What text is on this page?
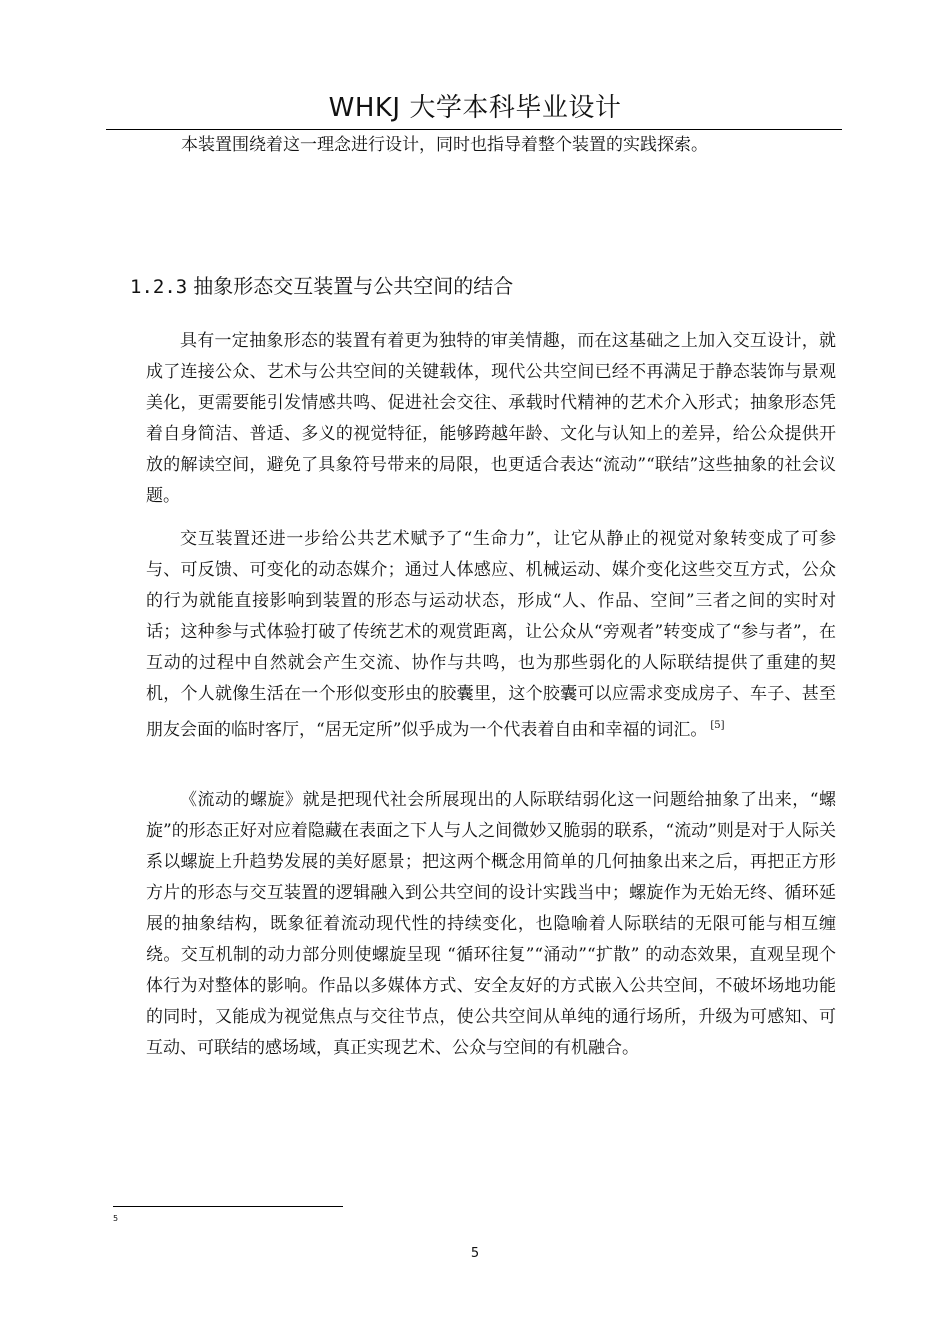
WHKJ 大学本科毕业设计
本装置围绕着这一理念进行设计，同时也指导着整个装置的实践探索。
1.2.3 抽象形态交互装置与公共空间的结合

具有一定抽象形态的装置有着更为独特的审美情趣，而在这基础之上加入交互设计，就成了连接公众、艺术与公共空间的关键载体，现代公共空间已经不再满足于静态装饰与景观美化，更需要能引发情感共鸣、促进社会交往、承载时代精神的艺术介入形式；抽象形态凭着自身简洁、普适、多义的视觉特征，能够跨越年龄、文化与认知上的差异，给公众提供开放的解读空间，避免了具象符号带来的局限，也更适合表达“流动”“联结”这些抽象的社会议题。

交互装置还进一步给公共艺术赋予了“生命力”，让它从静止的视觉对象转变成了可参与、可反馈、可变化的动态媒介；通过人体感应、机械运动、媒介变化这些交互方式，公众的行为就能直接影响到装置的形态与运动状态，形成“人、作品、空间”三者之间的实时对话；这种参与式体验打破了传统艺术的观赏距离，让公众从“旁观者”转变成了“参与者”，在互动的过程中自然就会产生交流、协作与共鸣，也为那些弱化的人际联结提供了重建的契机，个人就像生活在一个形似变形虫的胶囊里，这个胶囊可以应需求变成房子、车子、甚至朋友会面的临时客厅，“居无定所”似乎成为一个代表着自由和幸福的词汇。 [5]

《流动的螺旋》就是把现代社会所展现出的人际联结弱化这一问题给抽象了出来，“螺旋”的形态正好对应着隐藏在表面之下人与人之间微妙又脆弱的联系，“流动”则是对于人际关系以螺旋上升趋势发展的美好愿景；把这两个概念用简单的几何抽象出来之后，再把正方形方片的形态与交互装置的逻辑融入到公共空间的设计实践当中；螺旋作为无始无终、循环延展的抽象结构，既象征着流动现代性的持续变化，也隐喻着人际联结的无限可能与相互缠绕。交互机制的动力部分则使螺旋呈现 “循环往复”“涌动”“扩散” 的动态效果，直观呈现个体行为对整体的影响。作品以多媒体方式、安全友好的方式嵌入公共空间，不破坏场地功能的同时，又能成为视觉焦点与交往节点，使公共空间从单纯的通行场所，升级为可感知、可互动、可联结的感场域，真正实现艺术、公众与空间的有机融合。

5
5
